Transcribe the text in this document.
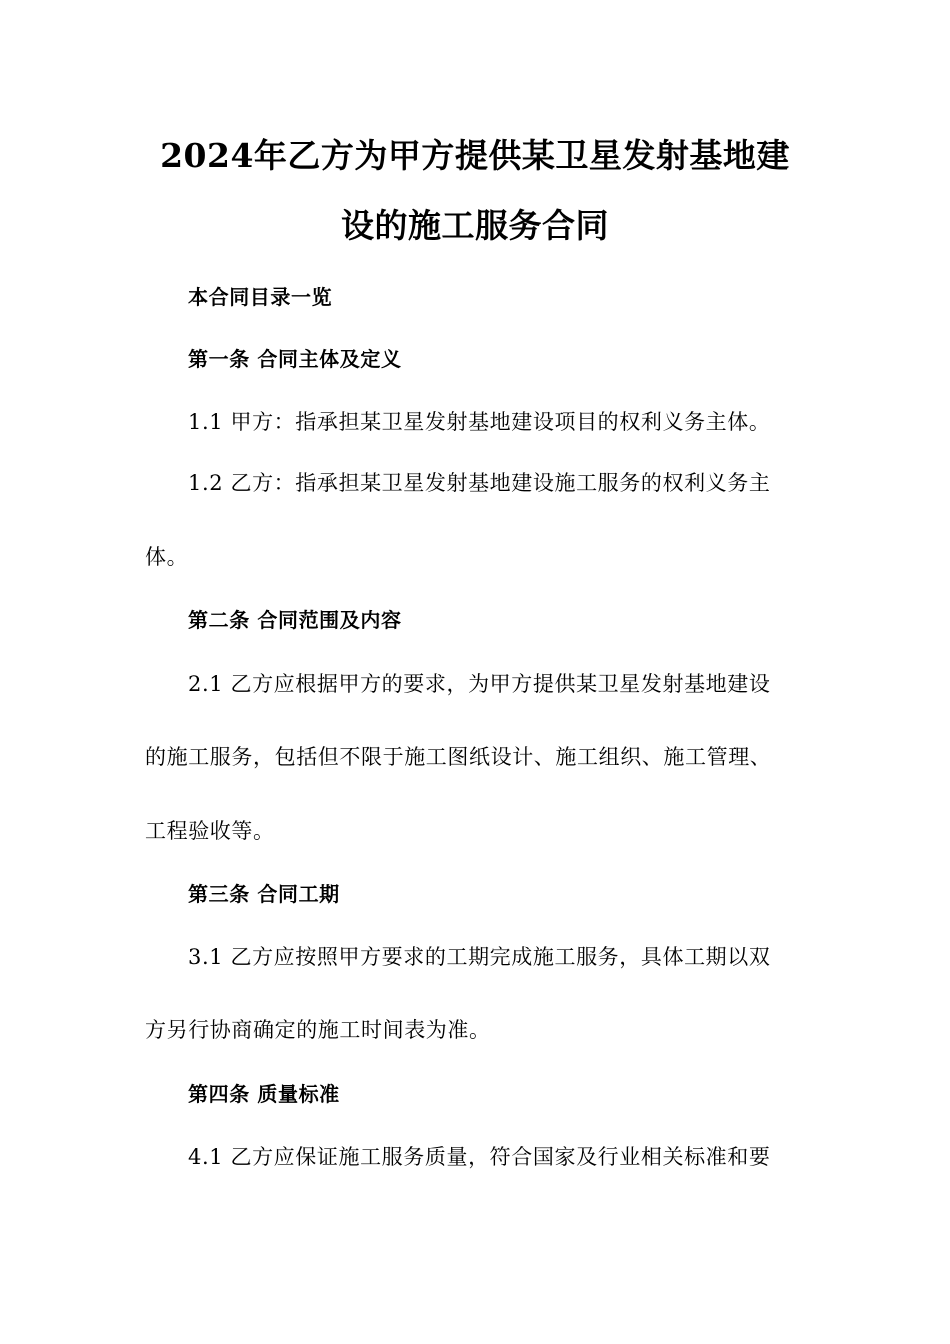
2024年乙方为甲方提供某卫星发射基地建
设的施工服务合同
本合同目录一览
第一条 合同主体及定义
1.1 甲方：指承担某卫星发射基地建设项目的权利义务主体。
1.2 乙方：指承担某卫星发射基地建设施工服务的权利义务主
体。
第二条 合同范围及内容
2.1 乙方应根据甲方的要求，为甲方提供某卫星发射基地建设
的施工服务，包括但不限于施工图纸设计、施工组织、施工管理、
工程验收等。
第三条 合同工期
3.1 乙方应按照甲方要求的工期完成施工服务，具体工期以双
方另行协商确定的施工时间表为准。
第四条 质量标准
4.1 乙方应保证施工服务质量，符合国家及行业相关标准和要
